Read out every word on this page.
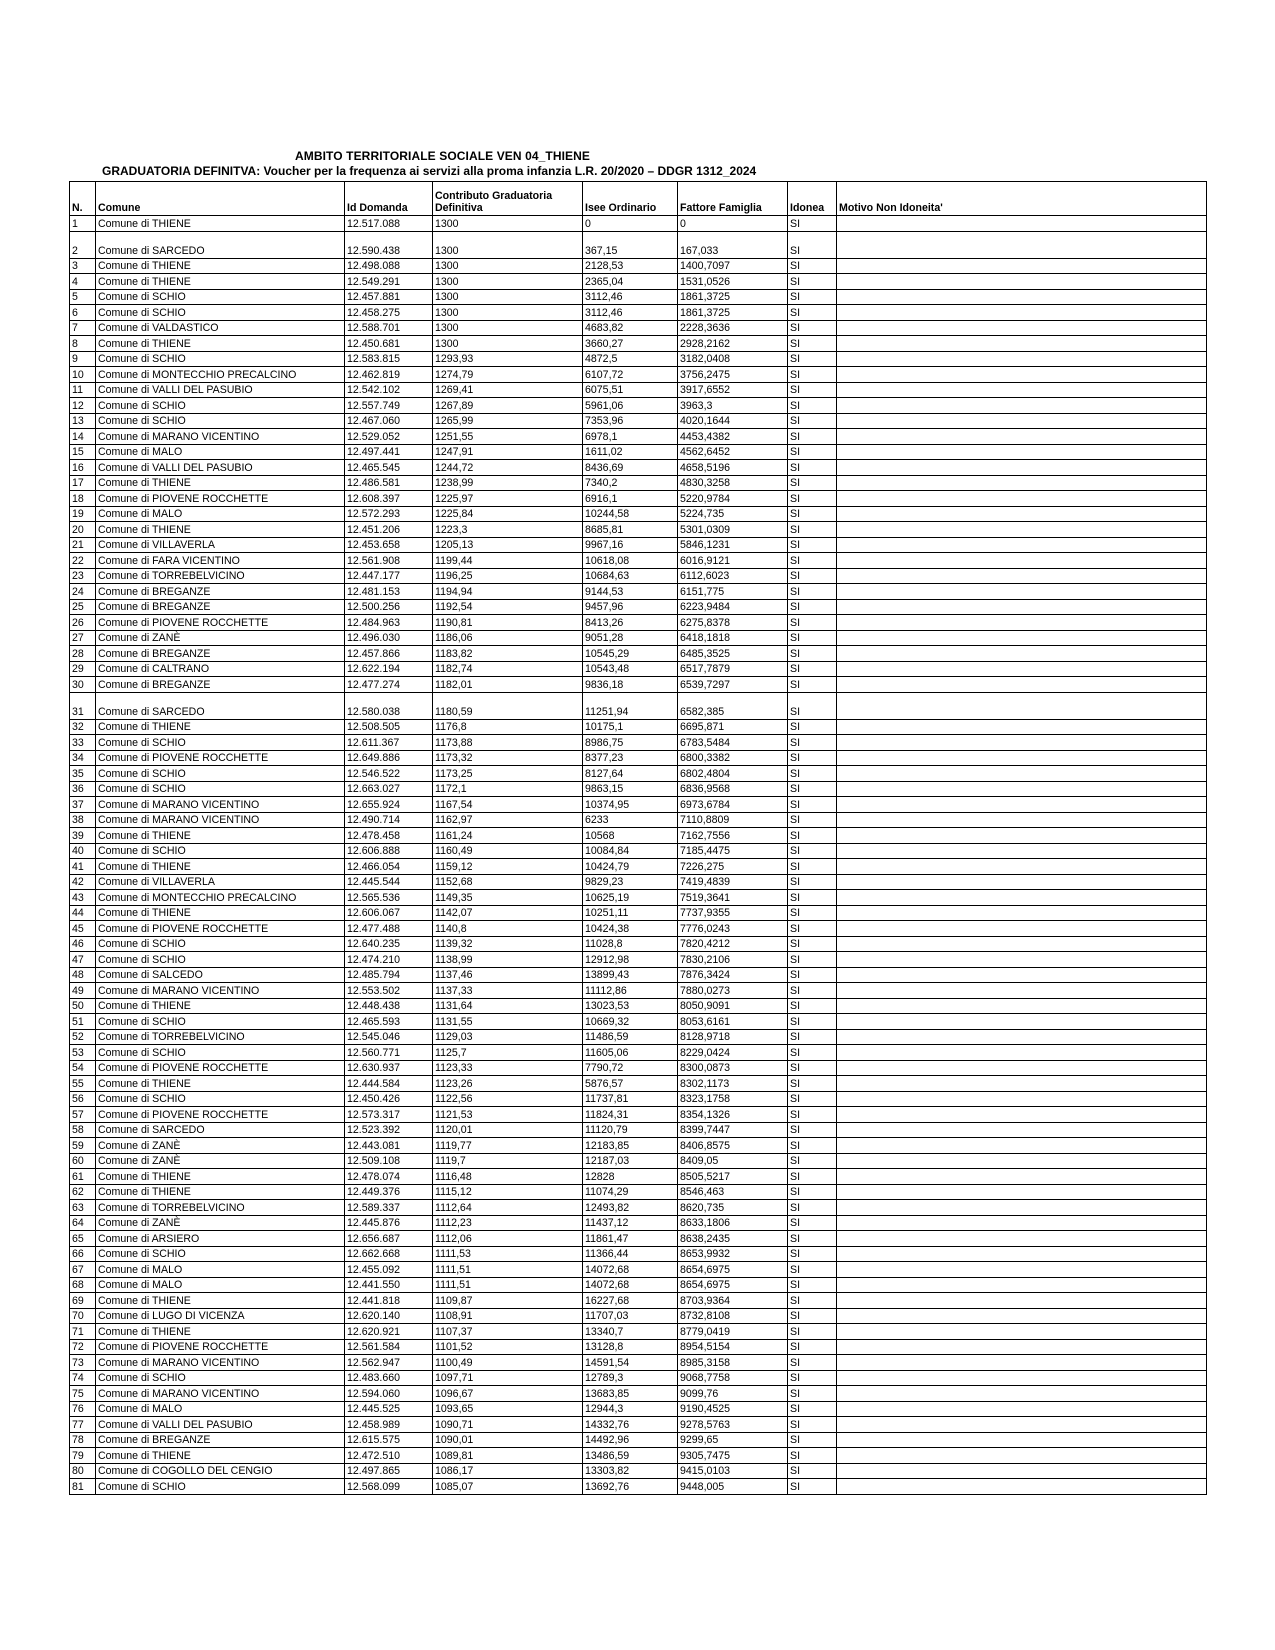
AMBITO TERRITORIALE SOCIALE VEN 04_THIENE
GRADUATORIA DEFINITVA: Voucher per la frequenza ai servizi alla proma infanzia L.R. 20/2020 – DDGR 1312_2024
N.	Comune	Id Domanda	Contributo Graduatoria Definitiva	Isee Ordinario	Fattore Famiglia	Idonea	Motivo Non Idoneita'
1	Comune di THIENE	12.517.088	1300	0	0	SI	
2	Comune di SARCEDO	12.590.438	1300	367,15	167,033	SI	
3	Comune di THIENE	12.498.088	1300	2128,53	1400,7097	SI	
4	Comune di THIENE	12.549.291	1300	2365,04	1531,0526	SI	
5	Comune di SCHIO	12.457.881	1300	3112,46	1861,3725	SI	
6	Comune di SCHIO	12.458.275	1300	3112,46	1861,3725	SI	
7	Comune di VALDASTICO	12.588.701	1300	4683,82	2228,3636	SI	
8	Comune di THIENE	12.450.681	1300	3660,27	2928,2162	SI	
9	Comune di SCHIO	12.583.815	1293,93	4872,5	3182,0408	SI	
10	Comune di MONTECCHIO PRECALCINO	12.462.819	1274,79	6107,72	3756,2475	SI	
11	Comune di VALLI DEL PASUBIO	12.542.102	1269,41	6075,51	3917,6552	SI	
12	Comune di SCHIO	12.557.749	1267,89	5961,06	3963,3	SI	
13	Comune di SCHIO	12.467.060	1265,99	7353,96	4020,1644	SI	
14	Comune di MARANO VICENTINO	12.529.052	1251,55	6978,1	4453,4382	SI	
15	Comune di MALO	12.497.441	1247,91	1611,02	4562,6452	SI	
16	Comune di VALLI DEL PASUBIO	12.465.545	1244,72	8436,69	4658,5196	SI	
17	Comune di THIENE	12.486.581	1238,99	7340,2	4830,3258	SI	
18	Comune di PIOVENE ROCCHETTE	12.608.397	1225,97	6916,1	5220,9784	SI	
19	Comune di MALO	12.572.293	1225,84	10244,58	5224,735	SI	
20	Comune di THIENE	12.451.206	1223,3	8685,81	5301,0309	SI	
21	Comune di VILLAVERLA	12.453.658	1205,13	9967,16	5846,1231	SI	
22	Comune di FARA VICENTINO	12.561.908	1199,44	10618,08	6016,9121	SI	
23	Comune di TORREBELVICINO	12.447.177	1196,25	10684,63	6112,6023	SI	
24	Comune di BREGANZE	12.481.153	1194,94	9144,53	6151,775	SI	
25	Comune di BREGANZE	12.500.256	1192,54	9457,96	6223,9484	SI	
26	Comune di PIOVENE ROCCHETTE	12.484.963	1190,81	8413,26	6275,8378	SI	
27	Comune di ZANÈ	12.496.030	1186,06	9051,28	6418,1818	SI	
28	Comune di BREGANZE	12.457.866	1183,82	10545,29	6485,3525	SI	
29	Comune di CALTRANO	12.622.194	1182,74	10543,48	6517,7879	SI	
30	Comune di BREGANZE	12.477.274	1182,01	9836,18	6539,7297	SI	
31	Comune di SARCEDO	12.580.038	1180,59	11251,94	6582,385	SI	
32	Comune di THIENE	12.508.505	1176,8	10175,1	6695,871	SI	
33	Comune di SCHIO	12.611.367	1173,88	8986,75	6783,5484	SI	
34	Comune di PIOVENE ROCCHETTE	12.649.886	1173,32	8377,23	6800,3382	SI	
35	Comune di SCHIO	12.546.522	1173,25	8127,64	6802,4804	SI	
36	Comune di SCHIO	12.663.027	1172,1	9863,15	6836,9568	SI	
37	Comune di MARANO VICENTINO	12.655.924	1167,54	10374,95	6973,6784	SI	
38	Comune di MARANO VICENTINO	12.490.714	1162,97	6233	7110,8809	SI	
39	Comune di THIENE	12.478.458	1161,24	10568	7162,7556	SI	
40	Comune di SCHIO	12.606.888	1160,49	10084,84	7185,4475	SI	
41	Comune di THIENE	12.466.054	1159,12	10424,79	7226,275	SI	
42	Comune di VILLAVERLA	12.445.544	1152,68	9829,23	7419,4839	SI	
43	Comune di MONTECCHIO PRECALCINO	12.565.536	1149,35	10625,19	7519,3641	SI	
44	Comune di THIENE	12.606.067	1142,07	10251,11	7737,9355	SI	
45	Comune di PIOVENE ROCCHETTE	12.477.488	1140,8	10424,38	7776,0243	SI	
46	Comune di SCHIO	12.640.235	1139,32	11028,8	7820,4212	SI	
47	Comune di SCHIO	12.474.210	1138,99	12912,98	7830,2106	SI	
48	Comune di SALCEDO	12.485.794	1137,46	13899,43	7876,3424	SI	
49	Comune di MARANO VICENTINO	12.553.502	1137,33	11112,86	7880,0273	SI	
50	Comune di THIENE	12.448.438	1131,64	13023,53	8050,9091	SI	
51	Comune di SCHIO	12.465.593	1131,55	10669,32	8053,6161	SI	
52	Comune di TORREBELVICINO	12.545.046	1129,03	11486,59	8128,9718	SI	
53	Comune di SCHIO	12.560.771	1125,7	11605,06	8229,0424	SI	
54	Comune di PIOVENE ROCCHETTE	12.630.937	1123,33	7790,72	8300,0873	SI	
55	Comune di THIENE	12.444.584	1123,26	5876,57	8302,1173	SI	
56	Comune di SCHIO	12.450.426	1122,56	11737,81	8323,1758	SI	
57	Comune di PIOVENE ROCCHETTE	12.573.317	1121,53	11824,31	8354,1326	SI	
58	Comune di SARCEDO	12.523.392	1120,01	11120,79	8399,7447	SI	
59	Comune di ZANÈ	12.443.081	1119,77	12183,85	8406,8575	SI	
60	Comune di ZANÈ	12.509.108	1119,7	12187,03	8409,05	SI	
61	Comune di THIENE	12.478.074	1116,48	12828	8505,5217	SI	
62	Comune di THIENE	12.449.376	1115,12	11074,29	8546,463	SI	
63	Comune di TORREBELVICINO	12.589.337	1112,64	12493,82	8620,735	SI	
64	Comune di ZANÈ	12.445.876	1112,23	11437,12	8633,1806	SI	
65	Comune di ARSIERO	12.656.687	1112,06	11861,47	8638,2435	SI	
66	Comune di SCHIO	12.662.668	1111,53	11366,44	8653,9932	SI	
67	Comune di MALO	12.455.092	1111,51	14072,68	8654,6975	SI	
68	Comune di MALO	12.441.550	1111,51	14072,68	8654,6975	SI	
69	Comune di THIENE	12.441.818	1109,87	16227,68	8703,9364	SI	
70	Comune di LUGO DI VICENZA	12.620.140	1108,91	11707,03	8732,8108	SI	
71	Comune di THIENE	12.620.921	1107,37	13340,7	8779,0419	SI	
72	Comune di PIOVENE ROCCHETTE	12.561.584	1101,52	13128,8	8954,5154	SI	
73	Comune di MARANO VICENTINO	12.562.947	1100,49	14591,54	8985,3158	SI	
74	Comune di SCHIO	12.483.660	1097,71	12789,3	9068,7758	SI	
75	Comune di MARANO VICENTINO	12.594.060	1096,67	13683,85	9099,76	SI	
76	Comune di MALO	12.445.525	1093,65	12944,3	9190,4525	SI	
77	Comune di VALLI DEL PASUBIO	12.458.989	1090,71	14332,76	9278,5763	SI	
78	Comune di BREGANZE	12.615.575	1090,01	14492,96	9299,65	SI	
79	Comune di THIENE	12.472.510	1089,81	13486,59	9305,7475	SI	
80	Comune di COGOLLO DEL CENGIO	12.497.865	1086,17	13303,82	9415,0103	SI	
81	Comune di SCHIO	12.568.099	1085,07	13692,76	9448,005	SI	
